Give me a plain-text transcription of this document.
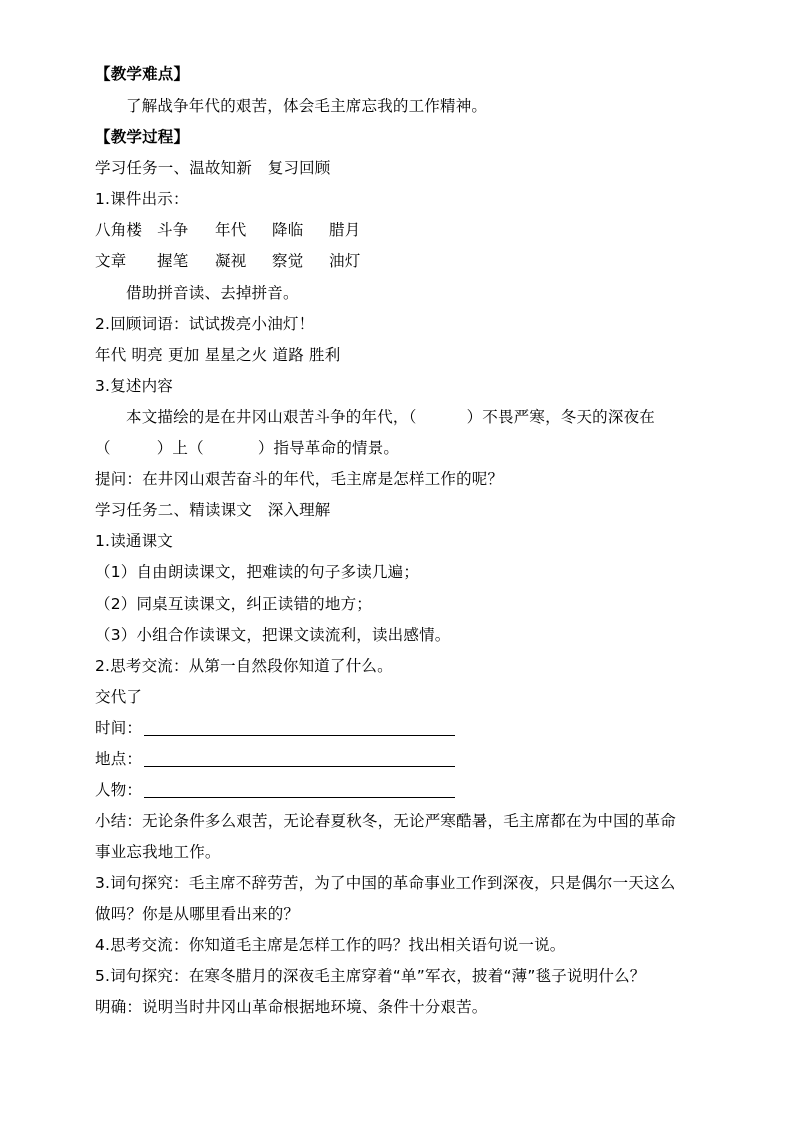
【教学难点】
了解战争年代的艰苦，体会毛主席忘我的工作精神。
【教学过程】
学习任务一、温故知新　复习回顾
1.课件出示：
八角楼 斗争 年代 降临 腊月
文章 握笔 凝视 察觉 油灯
借助拼音读、去掉拼音。
2.回顾词语：试试拨亮小油灯！
年代 明亮 更加 星星之火 道路 胜利
3.复述内容
本文描绘的是在井冈山艰苦斗争的年代，（	）不畏严寒，冬天的深夜在
（	）上（	）指导革命的情景。
提问：在井冈山艰苦奋斗的年代，毛主席是怎样工作的呢？
学习任务二、精读课文　深入理解
1.读通课文
（1）自由朗读课文，把难读的句子多读几遍；
（2）同桌互读课文，纠正读错的地方；
（3）小组合作读课文，把课文读流利，读出感情。
2.思考交流：从第一自然段你知道了什么。
交代了
时间：
地点：
人物：
小结：无论条件多么艰苦，无论春夏秋冬，无论严寒酷暑，毛主席都在为中国的革命
事业忘我地工作。
3.词句探究：毛主席不辞劳苦，为了中国的革命事业工作到深夜，只是偶尔一天这么
做吗？你是从哪里看出来的？
4.思考交流：你知道毛主席是怎样工作的吗？找出相关语句说一说。
5.词句探究：在寒冬腊月的深夜毛主席穿着“单”军衣，披着“薄”毯子说明什么？
明确：说明当时井冈山革命根据地环境、条件十分艰苦。
